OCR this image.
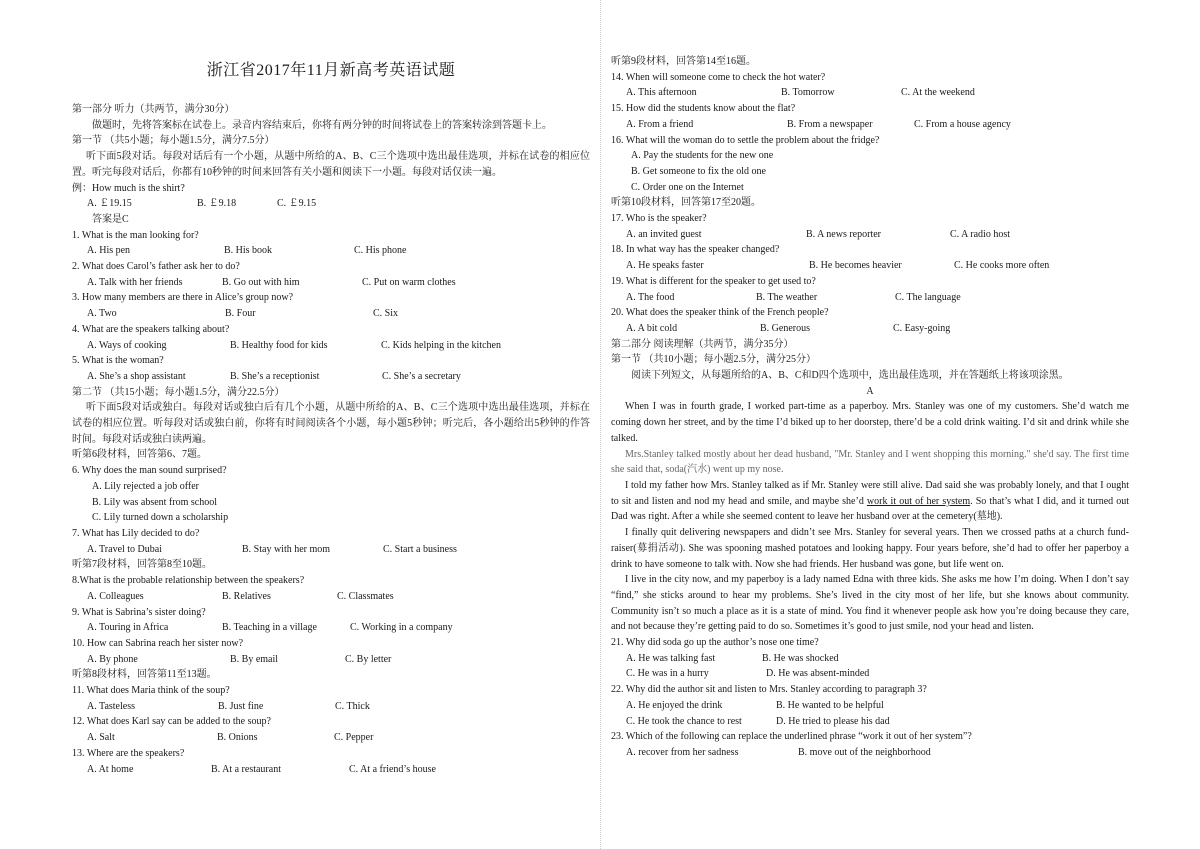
浙江省2017年11月新高考英语试题
第一部分 听力（共两节，满分30分）
做题时，先将答案标在试卷上。录音内容结束后，你将有两分钟的时间将试卷上的答案转涂到答题卡上。
第一节 （共5小题；每小题1.5分，满分7.5分）
听下面5段对话。每段对话后有一个小题，从题中所给的A、B、C三个选项中选出最佳选项，并标在试卷的相应位置。听完每段对话后，你都有10秒钟的时间来回答有关小题和阅读下一小题。每段对话仅读一遍。
例：How much is the shirt?
A. ￡19.15	B. ￡9.18	C. ￡9.15
答案是C
1. What is the man looking for?
A. His pen	B. His book	C. His phone
2. What does Carol’s father ask her to do?
A. Talk with her friends	B. Go out with him	C. Put on warm clothes
3. How many members are there in Alice’s group now?
A. Two	B. Four	C. Six
4. What are the speakers talking about?
A. Ways of cooking	B. Healthy food for kids	C. Kids helping in the kitchen
5. What is the woman?
A. She’s a shop assistant	B. She’s a receptionist	C. She’s a secretary
第二节 （共15小题；每小题1.5分，满分22.5分）
听下面5段对话或独白。每段对话或独白后有几个小题，从题中所给的A、B、C三个选项中选出最佳选项，并标在试卷的相应位置。听每段对话或独白前，你将有时间阅读各个小题，每小题5秒钟；听完后，各小题给出5秒钟的作答时间。每段对话或独白读两遍。
听第6段材料，回答第6、7题。
6. Why does the man sound surprised?
A. Lily rejected a job offer
B. Lily was absent from school
C. Lily turned down a scholarship
7. What has Lily decided to do?
A. Travel to Dubai	B. Stay with her mom	C. Start a business
听第7段材料，回答第8至10题。
8.What is the probable relationship between the speakers?
A. Colleagues	B. Relatives	C. Classmates
9. What is Sabrina’s sister doing?
A. Touring in Africa	B. Teaching in a village	C. Working in a company
10. How can Sabrina reach her sister now?
A. By phone	B. By email	C. By letter
听第8段材料，回答第11至13题。
11. What does Maria think of the soup?
A. Tasteless	B. Just fine	C. Thick
12. What does Karl say can be added to the soup?
A. Salt	B. Onions	C. Pepper
13. Where are the speakers?
A. At home	B. At a restaurant	C. At a friend’s house
听第9段材料，回答第14至16题。
14. When will someone come to check the hot water?
A. This afternoon	B. Tomorrow	C. At the weekend
15. How did the students know about the flat?
A. From a friend	B. From a newspaper	C. From a house agency
16. What will the woman do to settle the problem about the fridge?
A. Pay the students for the new one
B. Get someone to fix the old one
C. Order one on the Internet
听第10段材料，回答第17至20题。
17. Who is the speaker?
A. an invited guest	B. A news reporter	C. A radio host
18. In what way has the speaker changed?
A. He speaks faster	B. He becomes heavier	C. He cooks more often
19. What is different for the speaker to get used to?
A. The food	B. The weather	C. The language
20. What does the speaker think of the French people?
A. A bit cold	B. Generous	C. Easy-going
第二部分 阅读理解（共两节，满分35分）
第一节 （共10小题；每小题2.5分，满分25分）
阅读下列短文，从每题所给的A、B、C和D四个选项中，选出最佳选项，并在答题纸上将该项涂黑。
A
When I was in fourth grade, I worked part-time as a paperboy. Mrs. Stanley was one of my customers. She’d watch me coming down her street, and by the time I’d biked up to her doorstep, there’d be a cold drink waiting. I’d sit and drink while she talked.
Mrs.Stanley talked mostly about her dead husband, "Mr. Stanley and I went shopping this morning." she'd say. The first time she said that, soda(汽水) went up my nose.
I told my father how Mrs. Stanley talked as if Mr. Stanley were still alive. Dad said she was probably lonely, and that I ought to sit and listen and nod my head and smile, and maybe she’d work it out of her system. So that’s what I did, and it turned out Dad was right. After a while she seemed content to leave her husband over at the cemetery(墓地).
I finally quit delivering newspapers and didn’t see Mrs. Stanley for several years. Then we crossed paths at a church fund-raiser(募捐活动). She was spooning mashed potatoes and looking happy. Four years before, she’d had to offer her paperboy a drink to have someone to talk with. Now she had friends. Her husband was gone, but life went on.
I live in the city now, and my paperboy is a lady named Edna with three kids. She asks me how I’m doing. When I don’t say “find,” she sticks around to hear my problems. She’s lived in the city most of her life, but she knows about community. Community isn’t so much a place as it is a state of mind. You find it whenever people ask how you’re doing because they care, and not because they’re getting paid to do so. Sometimes it’s good to just smile, nod your head and listen.
21. Why did soda go up the author’s nose one time?
A. He was talking fast	B. He was shocked
C. He was in a hurry	D. He was absent-minded
22. Why did the author sit and listen to Mrs. Stanley according to paragraph 3?
A. He enjoyed the drink	B. He wanted to be helpful
C. He took the chance to rest	D. He tried to please his dad
23. Which of the following can replace the underlined phrase “work it out of her system”?
A. recover from her sadness	B. move out of the neighborhood
